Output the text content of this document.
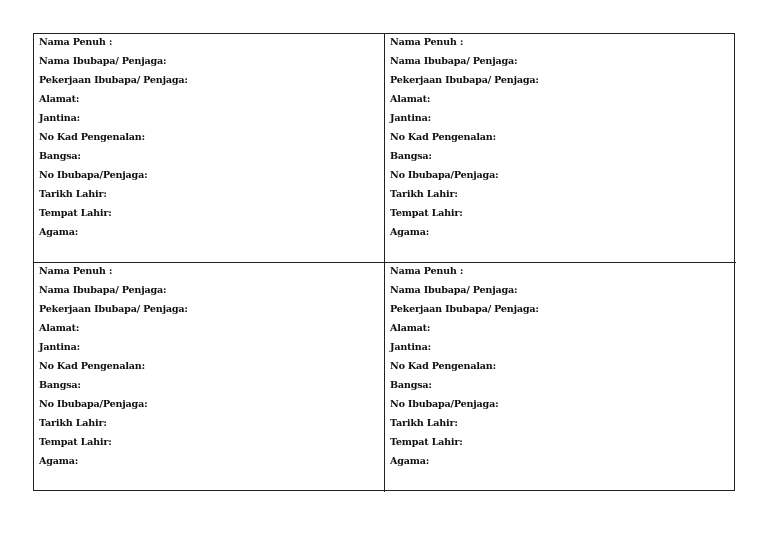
Nama Penuh :
Nama Ibubapa/ Penjaga:
Pekerjaan Ibubapa/ Penjaga:
Alamat:
Jantina:
No Kad Pengenalan:
Bangsa:
No Ibubapa/Penjaga:
Tarikh Lahir:
Tempat Lahir:
Agama:
Nama Penuh :
Nama Ibubapa/ Penjaga:
Pekerjaan Ibubapa/ Penjaga:
Alamat:
Jantina:
No Kad Pengenalan:
Bangsa:
No Ibubapa/Penjaga:
Tarikh Lahir:
Tempat Lahir:
Agama:
Nama Penuh :
Nama Ibubapa/ Penjaga:
Pekerjaan Ibubapa/ Penjaga:
Alamat:
Jantina:
No Kad Pengenalan:
Bangsa:
No Ibubapa/Penjaga:
Tarikh Lahir:
Tempat Lahir:
Agama:
Nama Penuh :
Nama Ibubapa/ Penjaga:
Pekerjaan Ibubapa/ Penjaga:
Alamat:
Jantina:
No Kad Pengenalan:
Bangsa:
No Ibubapa/Penjaga:
Tarikh Lahir:
Tempat Lahir:
Agama:
